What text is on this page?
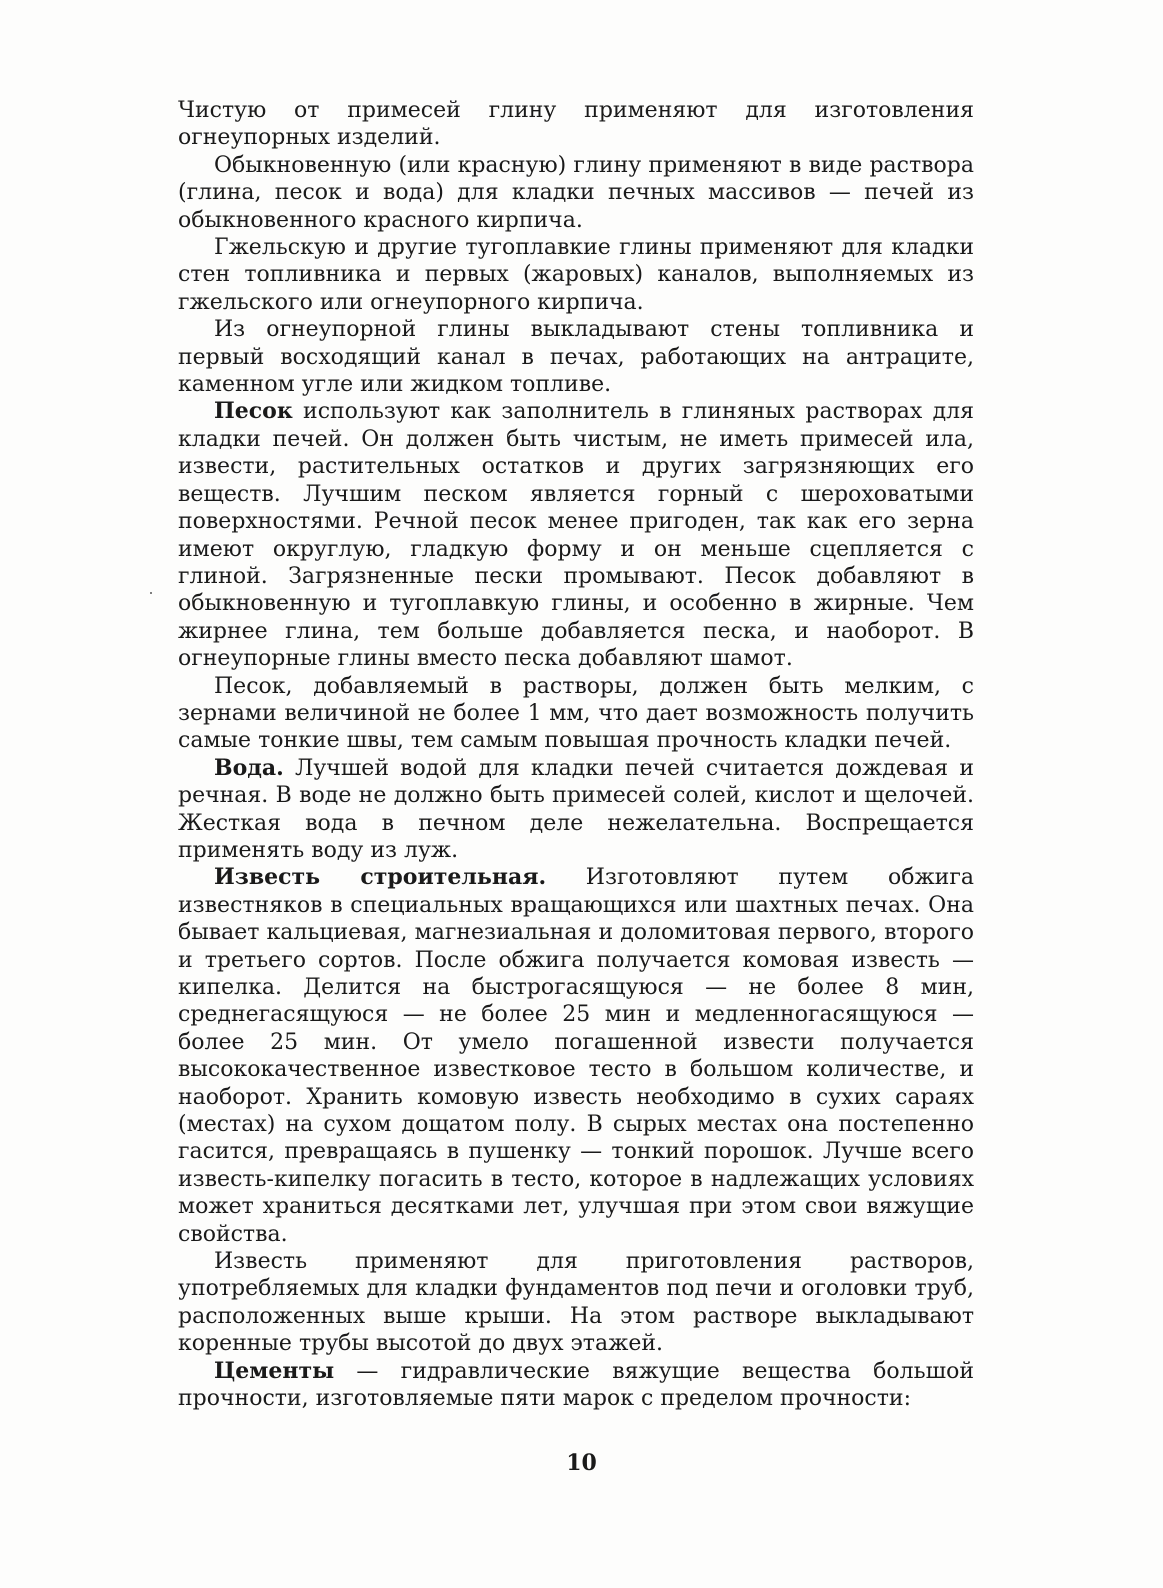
Чистую от примесей глину применяют для изготовления огнеупорных изделий.

Обыкновенную (или красную) глину применяют в виде раствора (глина, песок и вода) для кладки печных массивов — печей из обыкновенного красного кирпича.

Гжельскую и другие тугоплавкие глины применяют для кладки стен топливника и первых (жаровых) каналов, выполняемых из гжельского или огнеупорного кирпича.

Из огнеупорной глины выкладывают стены топливника и первый восходящий канал в печах, работающих на антраците, каменном угле или жидком топливе.

Песок используют как заполнитель в глиняных растворах для кладки печей. Он должен быть чистым, не иметь примесей ила, извести, растительных остатков и других загрязняющих его веществ. Лучшим песком является горный с шероховатыми поверхностями. Речной песок менее пригоден, так как его зерна имеют округлую, гладкую форму и он меньше сцепляется с глиной. Загрязненные пески промывают. Песок добавляют в обыкновенную и тугоплавкую глины, и особенно в жирные. Чем жирнее глина, тем больше добавляется песка, и наоборот. В огнеупорные глины вместо песка добавляют шамот.

Песок, добавляемый в растворы, должен быть мелким, с зернами величиной не более 1 мм, что дает возможность получить самые тонкие швы, тем самым повышая прочность кладки печей.

Вода. Лучшей водой для кладки печей считается дождевая и речная. В воде не должно быть примесей солей, кислот и щелочей. Жесткая вода в печном деле нежелательна. Воспрещается применять воду из луж.

Известь строительная. Изготовляют путем обжига известняков в специальных вращающихся или шахтных печах. Она бывает кальциевая, магнезиальная и доломитовая первого, второго и третьего сортов. После обжига получается комовая известь — кипелка. Делится на быстрогасящуюся — не более 8 мин, среднегасящуюся — не более 25 мин и медленногасящуюся — более 25 мин. От умело погашенной извести получается высококачественное известковое тесто в большом количестве, и наоборот. Хранить комовую известь необходимо в сухих сараях (местах) на сухом дощатом полу. В сырых местах она постепенно гасится, превращаясь в пушенку — тонкий порошок. Лучше всего известь-кипелку погасить в тесто, которое в надлежащих условиях может храниться десятками лет, улучшая при этом свои вяжущие свойства.

Известь применяют для приготовления растворов, употребляемых для кладки фундаментов под печи и оголовки труб, расположенных выше крыши. На этом растворе выкладывают коренные трубы высотой до двух этажей.

Цементы — гидравлические вяжущие вещества большой прочности, изготовляемые пяти марок с пределом прочности:

10
